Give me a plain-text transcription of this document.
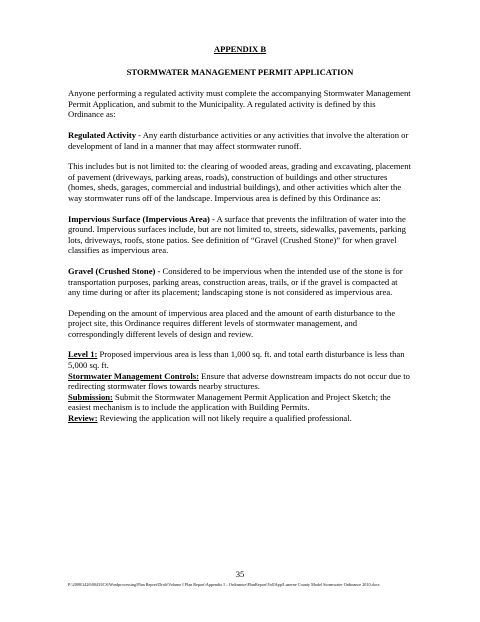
APPENDIX B
STORMWATER MANAGEMENT PERMIT APPLICATION

Anyone performing a regulated activity must complete the accompanying Stormwater Management Permit Application, and submit to the Municipality. A regulated activity is defined by this Ordinance as:

Regulated Activity - Any earth disturbance activities or any activities that involve the alteration or development of land in a manner that may affect stormwater runoff.

This includes but is not limited to: the clearing of wooded areas, grading and excavating, placement of pavement (driveways, parking areas, roads), construction of buildings and other structures (homes, sheds, garages, commercial and industrial buildings), and other activities which alter the way stormwater runs off of the landscape. Impervious area is defined by this Ordinance as:

Impervious Surface (Impervious Area) - A surface that prevents the infiltration of water into the ground. Impervious surfaces include, but are not limited to, streets, sidewalks, pavements, parking lots, driveways, roofs, stone patios. See definition of “Gravel (Crushed Stone)” for when gravel classifies as impervious area.

Gravel (Crushed Stone) - Considered to be impervious when the intended use of the stone is for transportation purposes, parking areas, construction areas, trails, or if the gravel is compacted at any time during or after its placement; landscaping stone is not considered as impervious area.

Depending on the amount of impervious area placed and the amount of earth disturbance to the project site, this Ordinance requires different levels of stormwater management, and correspondingly different levels of design and review.

Level 1: Proposed impervious area is less than 1,000 sq. ft. and total earth disturbance is less than 5,000 sq. ft.

Stormwater Management Controls: Ensure that adverse downstream impacts do not occur due to redirecting stormwater flows towards nearby structures.

Submission: Submit the Stormwater Management Permit Application and Project Sketch; the easiest mechanism is to include the application with Building Permits.

Review: Reviewing the application will not likely require a qualified professional.

35
P:\2008\2426\0043\ICS\Wordprocessing\Plan Report\Draft\Volume I Plan Report\Appendix I – Ordinance\PlanReport\VolIApp\Luzerne County Model Stormwater Ordinance 2010.docx
